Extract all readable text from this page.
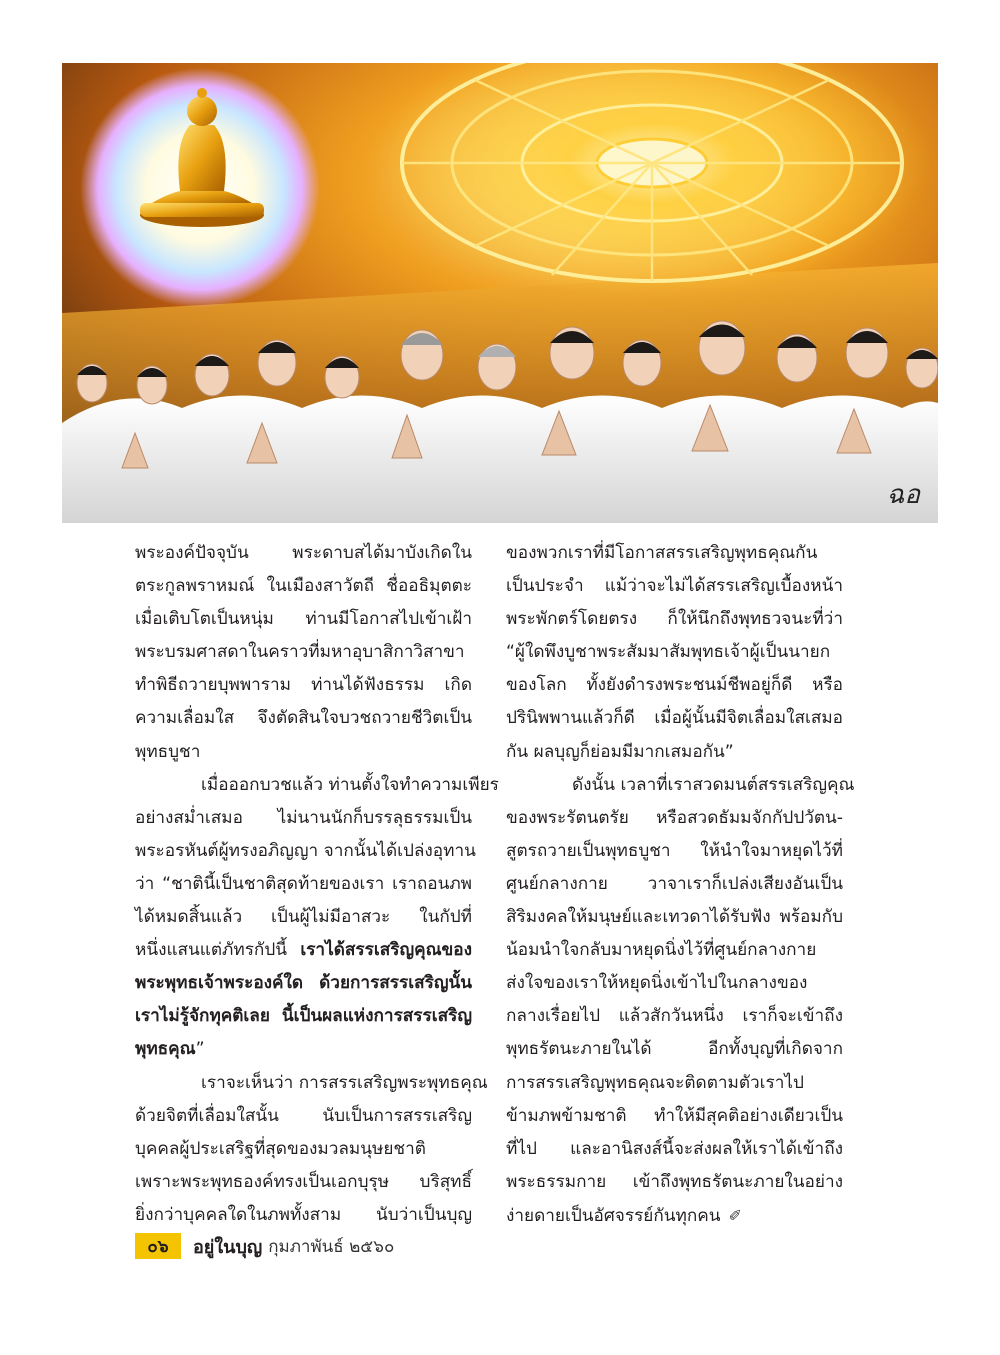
ฉอ

พระองค์ปัจจุบัน พระดาบสได้มาบังเกิดใน
ตระกูลพราหมณ์ ในเมืองสาวัตถี ชื่ออธิมุตตะ
เมื่อเติบโตเป็นหนุ่ม ท่านมีโอกาสไปเข้าเฝ้า
พระบรมศาสดาในคราวที่มหาอุบาสิกาวิสาขา
ทำพิธีถวายบุพพาราม ท่านได้ฟังธรรม เกิด
ความเลื่อมใส จึงตัดสินใจบวชถวายชีวิตเป็น
พุทธบูชา

เมื่อออกบวชแล้ว ท่านตั้งใจทำความเพียร
อย่างสม่ำเสมอ ไม่นานนักก็บรรลุธรรมเป็น
พระอรหันต์ผู้ทรงอภิญญา จากนั้นได้เปล่งอุทาน
ว่า “ชาตินี้เป็นชาติสุดท้ายของเรา เราถอนภพ
ได้หมดสิ้นแล้ว เป็นผู้ไม่มีอาสวะ ในกัปที่
หนึ่งแสนแต่ภัทรกัปนี้ เราได้สรรเสริญคุณของ
พระพุทธเจ้าพระองค์ใด ด้วยการสรรเสริญนั้น
เราไม่รู้จักทุคติเลย นี้เป็นผลแห่งการสรรเสริญ
พุทธคุณ”

เราจะเห็นว่า การสรรเสริญพระพุทธคุณ
ด้วยจิตที่เลื่อมใสนั้น นับเป็นการสรรเสริญ
บุคคลผู้ประเสริฐที่สุดของมวลมนุษยชาติ
เพราะพระพุทธองค์ทรงเป็นเอกบุรุษ บริสุทธิ์
ยิ่งกว่าบุคคลใดในภพทั้งสาม นับว่าเป็นบุญ

ของพวกเราที่มีโอกาสสรรเสริญพุทธคุณกัน
เป็นประจำ แม้ว่าจะไม่ได้สรรเสริญเบื้องหน้า
พระพักตร์โดยตรง ก็ให้นึกถึงพุทธวจนะที่ว่า
“ผู้ใดพึงบูชาพระสัมมาสัมพุทธเจ้าผู้เป็นนายก
ของโลก ทั้งยังดำรงพระชนม์ชีพอยู่ก็ดี หรือ
ปรินิพพานแล้วก็ดี เมื่อผู้นั้นมีจิตเลื่อมใสเสมอ
กัน ผลบุญก็ย่อมมีมากเสมอกัน”

ดังนั้น เวลาที่เราสวดมนต์สรรเสริญคุณ
ของพระรัตนตรัย หรือสวดธัมมจักกัปปวัตน-
สูตรถวายเป็นพุทธบูชา ให้นำใจมาหยุดไว้ที่
ศูนย์กลางกาย วาจาเราก็เปล่งเสียงอันเป็น
สิริมงคลให้มนุษย์และเทวดาได้รับฟัง พร้อมกับ
น้อมนำใจกลับมาหยุดนิ่งไว้ที่ศูนย์กลางกาย
ส่งใจของเราให้หยุดนิ่งเข้าไปในกลางของ
กลางเรื่อยไป แล้วสักวันหนึ่ง เราก็จะเข้าถึง
พุทธรัตนะภายในได้ อีกทั้งบุญที่เกิดจาก
การสรรเสริญพุทธคุณจะติดตามตัวเราไป
ข้ามภพข้ามชาติ ทำให้มีสุคติอย่างเดียวเป็น
ที่ไป และอานิสงส์นี้จะส่งผลให้เราได้เข้าถึง
พระธรรมกาย เข้าถึงพุทธรัตนะภายในอย่าง
ง่ายดายเป็นอัศจรรย์กันทุกคน ✐

๐๖	อยู่ในบุญ กุมภาพันธ์ ๒๕๖๐
